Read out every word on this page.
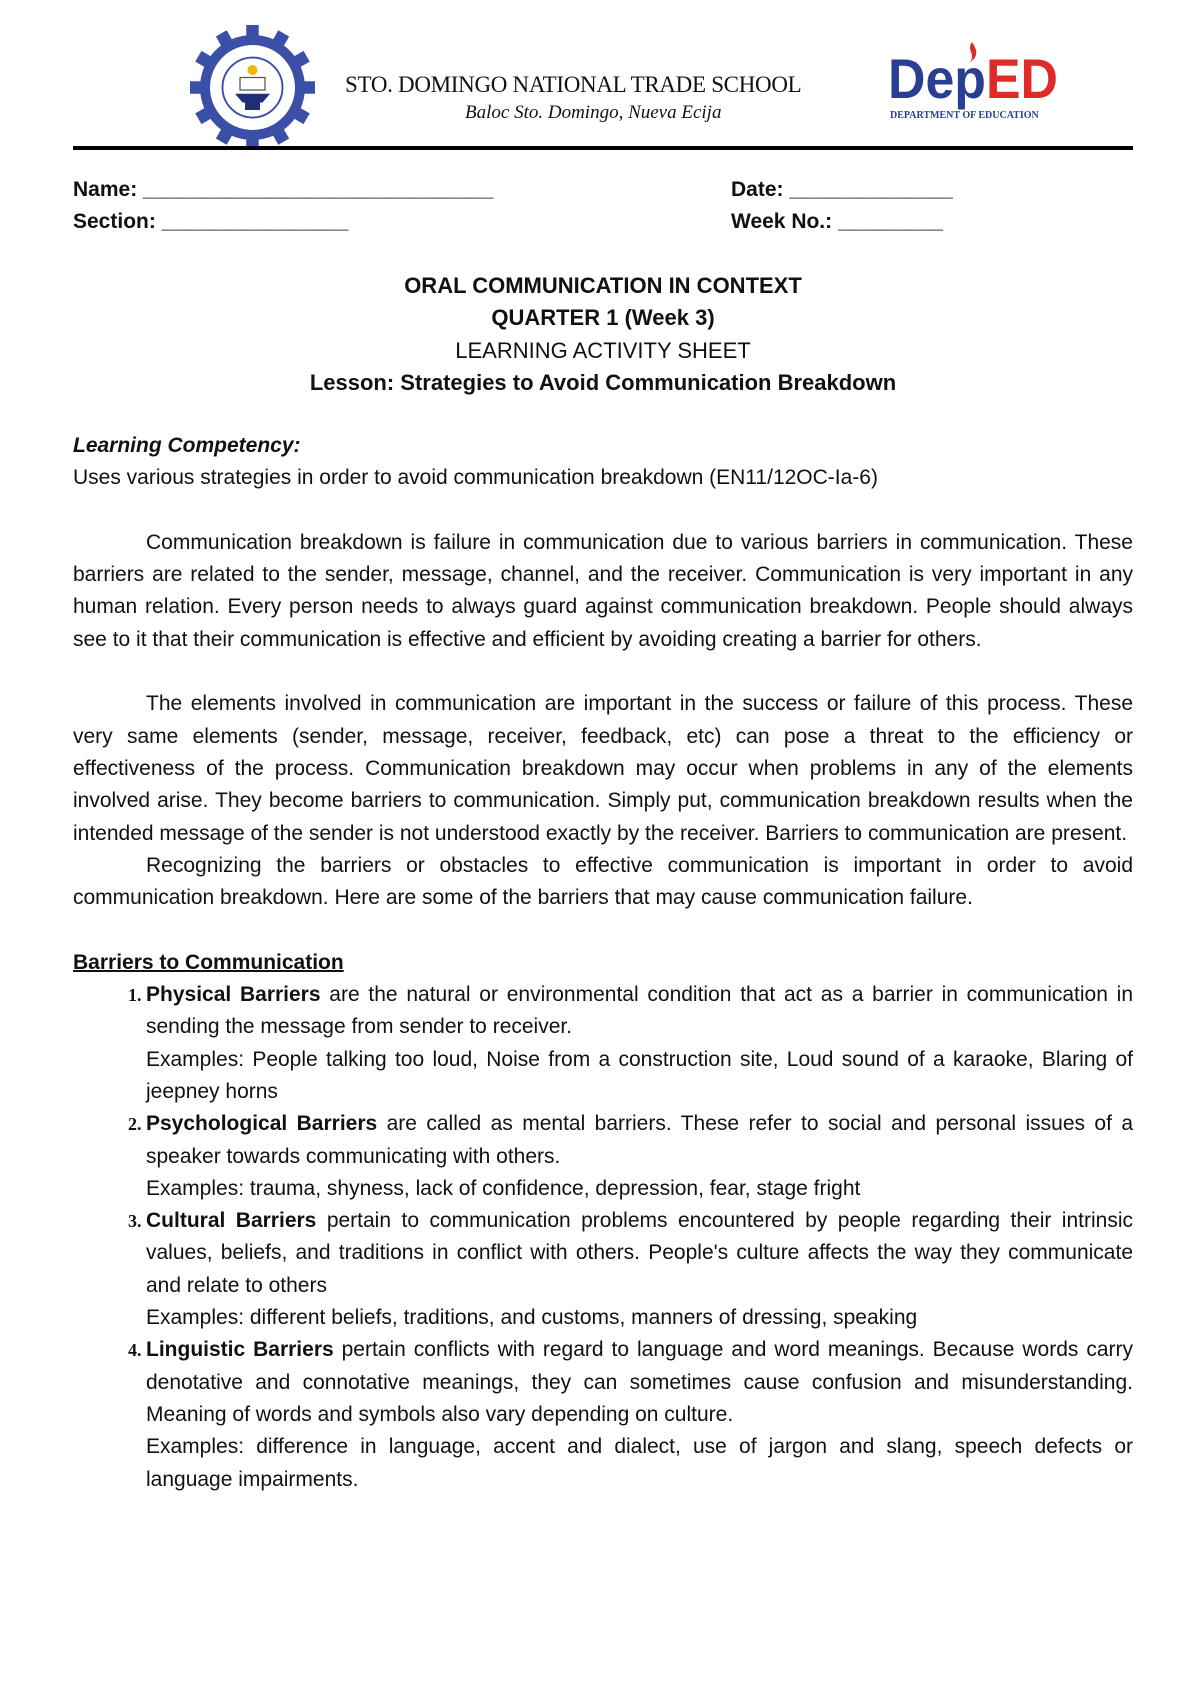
STO. DOMINGO NATIONAL TRADE SCHOOL
Baloc Sto. Domingo, Nueva Ecija
DepED
DEPARTMENT OF EDUCATION
Name: ______________________________	Date: ______________
Section: ________________	Week No.: _________
ORAL COMMUNICATION IN CONTEXT
QUARTER 1 (Week 3)
LEARNING ACTIVITY SHEET
Lesson: Strategies to Avoid Communication Breakdown

Learning Competency:

Uses various strategies in order to avoid communication breakdown (EN11/12OC-Ia-6)

Communication breakdown is failure in communication due to various barriers in communication. These barriers are related to the sender, message, channel, and the receiver. Communication is very important in any human relation. Every person needs to always guard against communication breakdown. People should always see to it that their communication is effective and efficient by avoiding creating a barrier for others.

The elements involved in communication are important in the success or failure of this process. These very same elements (sender, message, receiver, feedback, etc) can pose a threat to the efficiency or effectiveness of the process. Communication breakdown may occur when problems in any of the elements involved arise. They become barriers to communication. Simply put, communication breakdown results when the intended message of the sender is not understood exactly by the receiver. Barriers to communication are present.

Recognizing the barriers or obstacles to effective communication is important in order to avoid communication breakdown. Here are some of the barriers that may cause communication failure.

Barriers to Communication

1. Physical Barriers are the natural or environmental condition that act as a barrier in communication in sending the message from sender to receiver.
Examples: People talking too loud, Noise from a construction site, Loud sound of a karaoke, Blaring of jeepney horns
2. Psychological Barriers are called as mental barriers. These refer to social and personal issues of a speaker towards communicating with others.
Examples: trauma, shyness, lack of confidence, depression, fear, stage fright
3. Cultural Barriers pertain to communication problems encountered by people regarding their intrinsic values, beliefs, and traditions in conflict with others. People's culture affects the way they communicate and relate to others
Examples: different beliefs, traditions, and customs, manners of dressing, speaking
4. Linguistic Barriers pertain conflicts with regard to language and word meanings. Because words carry denotative and connotative meanings, they can sometimes cause confusion and misunderstanding. Meaning of words and symbols also vary depending on culture.
Examples: difference in language, accent and dialect, use of jargon and slang, speech defects or language impairments.
